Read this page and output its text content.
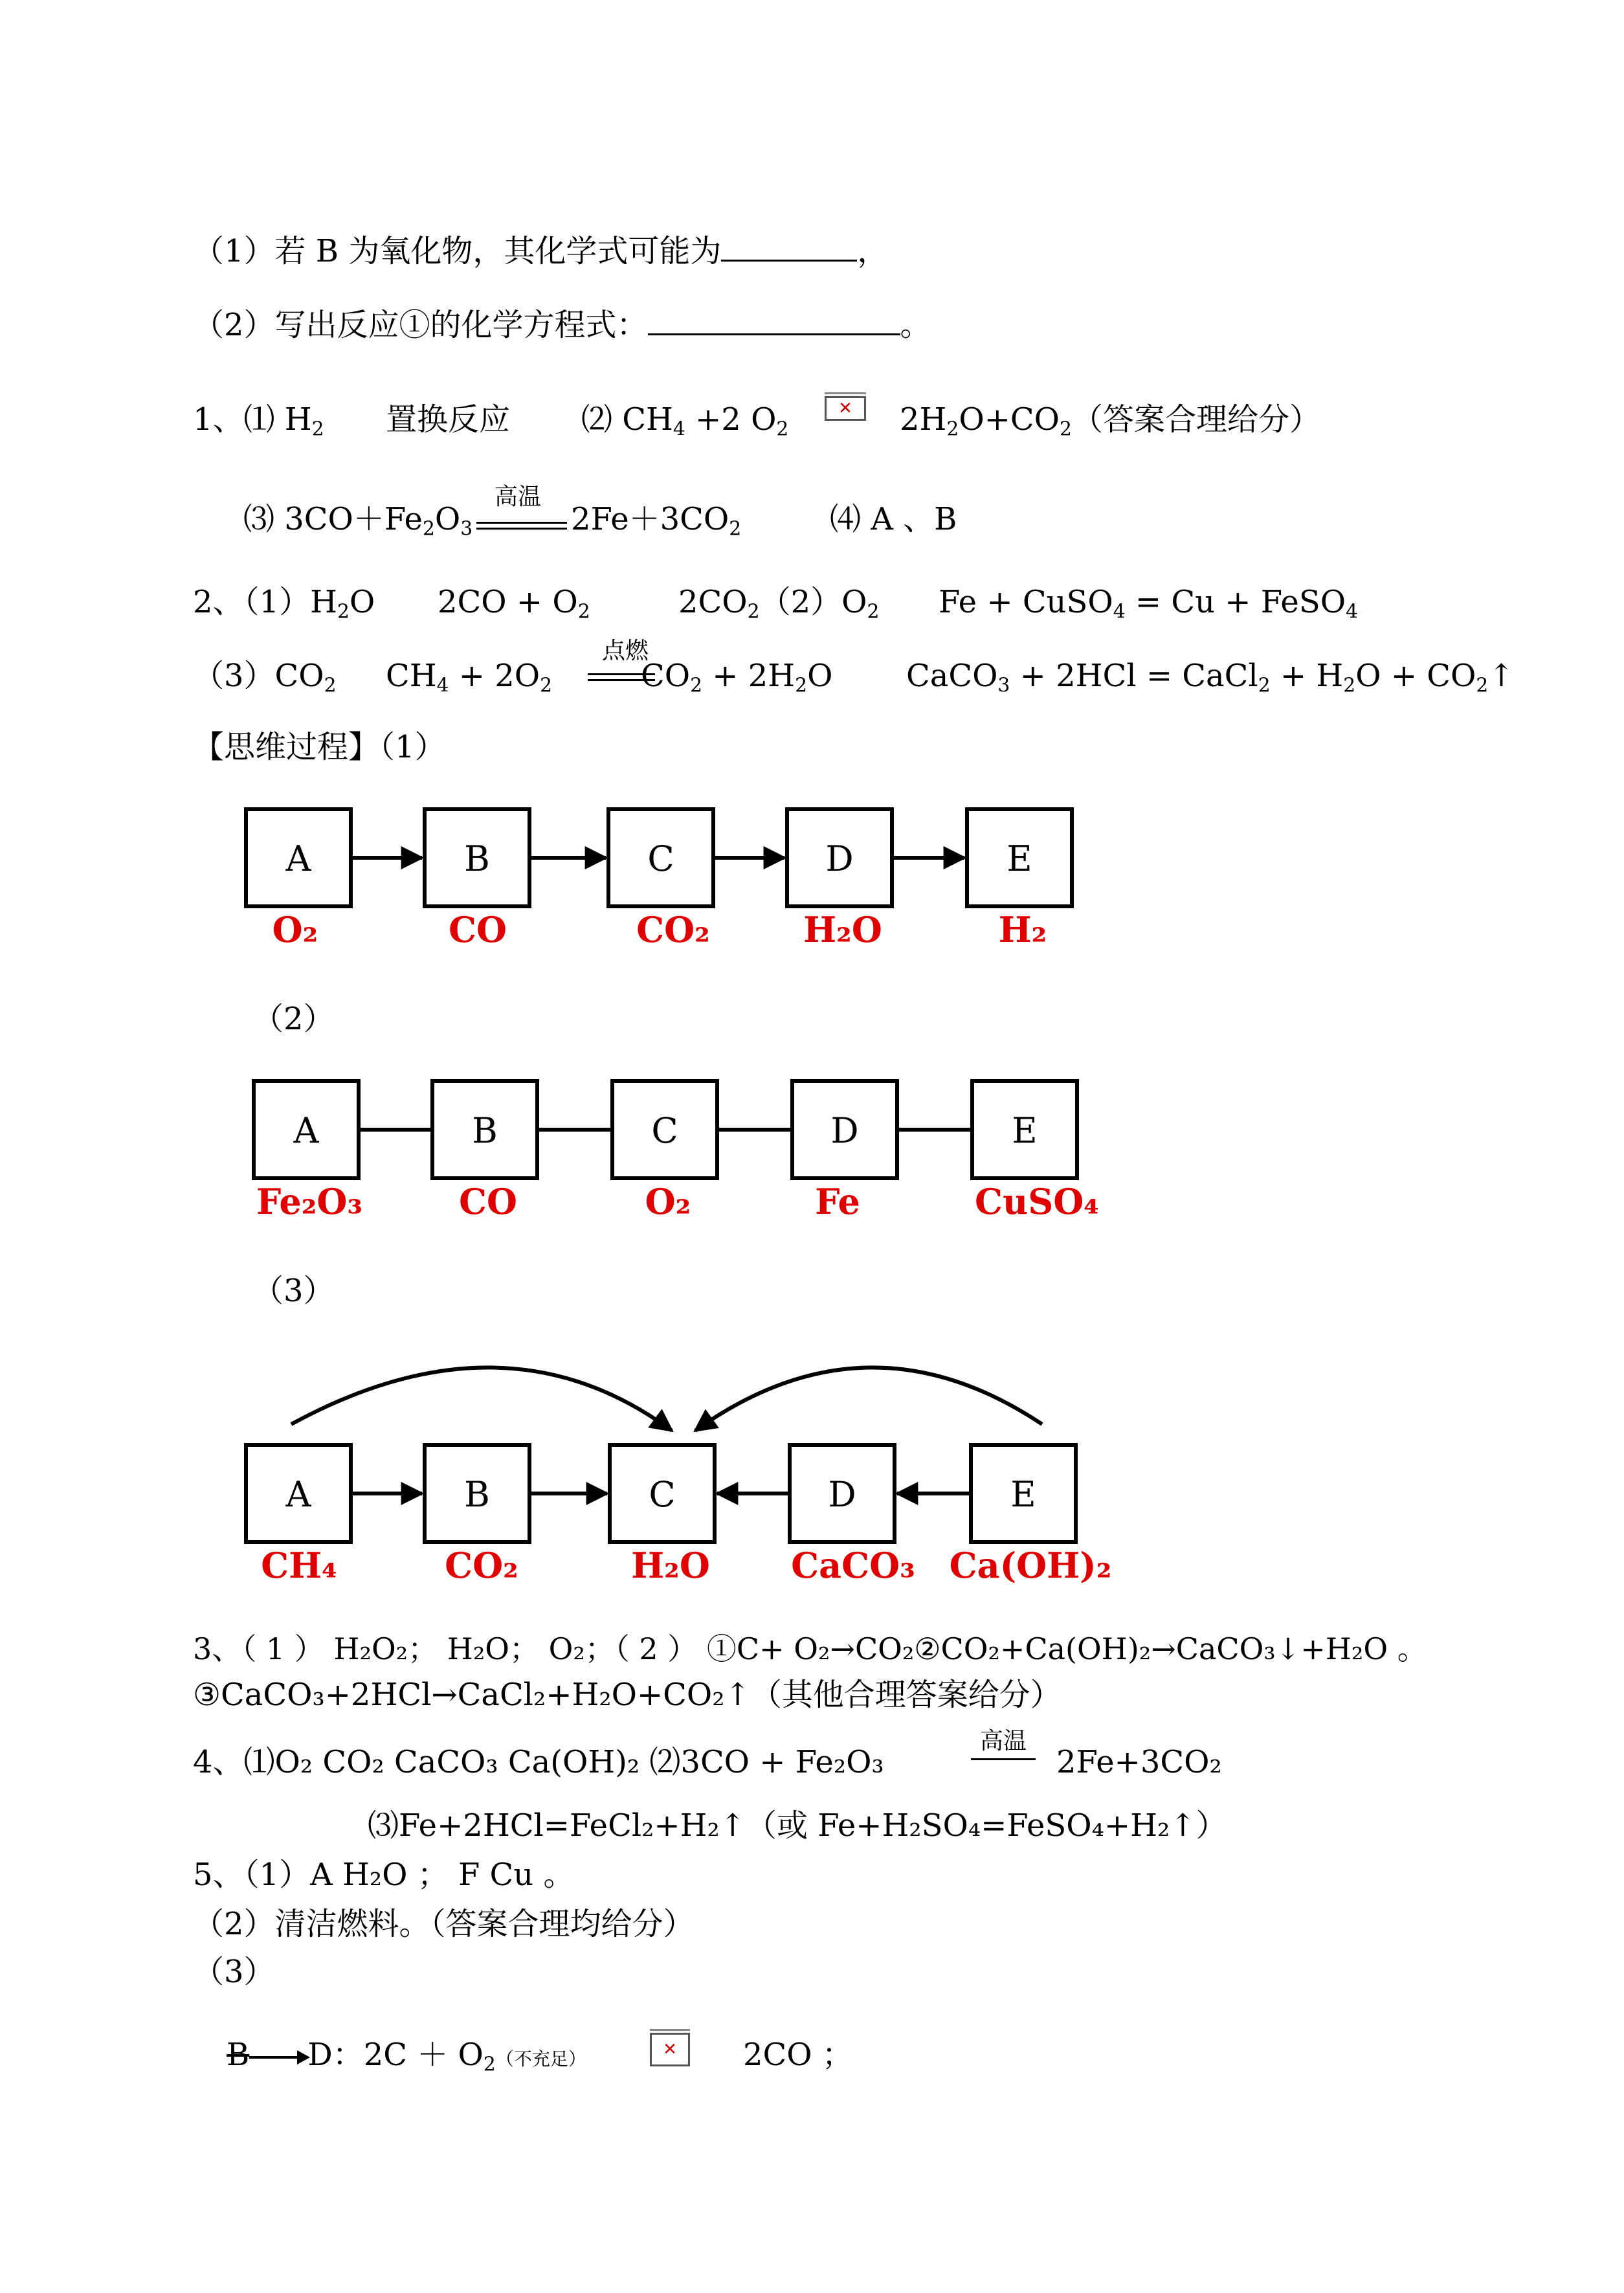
（1）若 B 为氧化物，其化学式可能为	，
（2）写出反应①的化学方程式：	。
1、⑴ $H_2$ 置换反应 ⑵ $CH_4 +2$ $O_2$
✕	$2H_2O+CO_2$（答案合理给分）
⑶ $3CO+Fe_2O_3$
高温
$2Fe+3CO_2$	⑷ A 、B
2、$(1)H_2O$ $2CO + O_2$	$2CO_2(2)O_2$ Fe + CuSO$_4$ = Cu + FeSO$_4$
$(3)CO_2$ $CH_4 + 2O_2$
点燃
$CO_2 + 2H_2O$ CaCO$_3$ + 2HCl = CaCl$_2$ + $H_2O$ + $CO_2↑$
【思维过程】（1）
A	B	C	D	E
O₂	CO	CO₂	H₂O	H₂
（2）
A	B	C	D	E
Fe₂O₃	CO	O₂	Fe	CuSO₄
（3）
A	B	C	D	E
CH₄	CO₂	H₂O CaCO₃ Ca(OH)₂
3、（ 1 ） H₂O₂； H₂O； O₂；（ 2 ） ①C+ O₂→CO₂②CO₂+Ca(OH)₂→CaCO₃↓+H₂O 。
③CaCO₃+2HCl→CaCl₂+H₂O+CO₂↑（其他合理答案给分）
4、⑴O₂ CO₂ CaCO₃ Ca(OH)₂ ⑵3CO + Fe₂O₃
高温
2Fe+3CO₂
⑶Fe+2HCl=FeCl₂+H₂↑（或 Fe+H₂SO₄=FeSO₄+H₂↑）
5、（1）A H₂O ； F Cu 。
（2）清洁燃料。（答案合理均给分）
（3）
B D：$2C + O_2$（不充足）	✕	2CO ；
